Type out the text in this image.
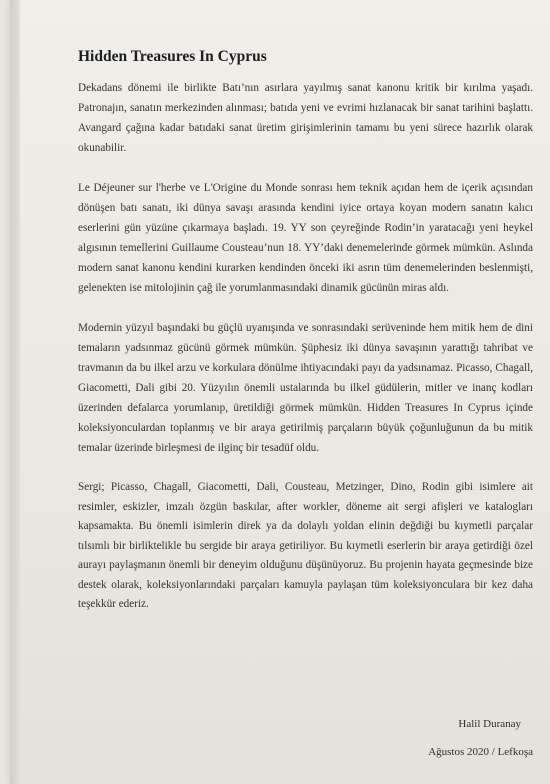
Hidden Treasures In Cyprus

Dekadans dönemi ile birlikte Batı’nın asırlara yayılmış sanat kanonu kritik bir kırılma yaşadı. Patronajın, sanatın merkezinden alınması; batıda yeni ve evrimi hızlanacak bir sanat tarihini başlattı. Avangard çağına kadar batıdaki sanat üretim girişimlerinin tamamı bu yeni sürece hazırlık olarak okunabilir.

Le Déjeuner sur l'herbe ve L'Origine du Monde sonrası hem teknik açıdan hem de içerik açısından dönüşen batı sanatı, iki dünya savaşı arasında kendini iyice ortaya koyan modern sanatın kalıcı eserlerini gün yüzüne çıkarmaya başladı. 19. YY son çeyreğinde Rodin’in yaratacağı yeni heykel algısının temellerini Guillaume Cousteau’nun 18. YY’daki denemelerinde görmek mümkün. Aslında modern sanat kanonu kendini kurarken kendinden önceki iki asrın tüm denemelerinden beslenmişti, gelenekten ise mitolojinin çağ ile yorumlanmasındaki dinamik gücünün miras aldı.

Modernin yüzyıl başındaki bu güçlü uyanışında ve sonrasındaki serüveninde hem mitik hem de dini temaların yadsınmaz gücünü görmek mümkün. Şüphesiz iki dünya savaşının yarattığı tahribat ve travmanın da bu ilkel arzu ve korkulara dönülme ihtiyacındaki payı da yadsınamaz. Picasso, Chagall, Giacometti, Dali gibi 20. Yüzyılın önemli ustalarında bu ilkel güdülerin, mitler ve inanç kodları üzerinden defalarca yorumlanıp, üretildiği görmek mümkün. Hidden Treasures In Cyprus içinde koleksiyonculardan toplanmış ve bir araya getirilmiş parçaların büyük çoğunluğunun da bu mitik temalar üzerinde birleşmesi de ilginç bir tesadüf oldu.

Sergi; Picasso, Chagall, Giacometti, Dali, Cousteau, Metzinger, Dino, Rodin gibi isimlere ait resimler, eskizler, imzalı özgün baskılar, after workler, döneme ait sergi afişleri ve katalogları kapsamakta. Bu önemli isimlerin direk ya da dolaylı yoldan elinin değdiği bu kıymetli parçalar tılsımlı bir birliktelikle bu sergide bir araya getiriliyor. Bu kıymetli eserlerin bir araya getirdiği özel aurayı paylaşmanın önemli bir deneyim olduğunu düşünüyoruz. Bu projenin hayata geçmesinde bize destek olarak, koleksiyonlarındaki parçaları kamuyla paylaşan tüm koleksiyonculara bir kez daha teşekkür ederiz.

Halil Duranay
Ağustos 2020 / Lefkoşa
